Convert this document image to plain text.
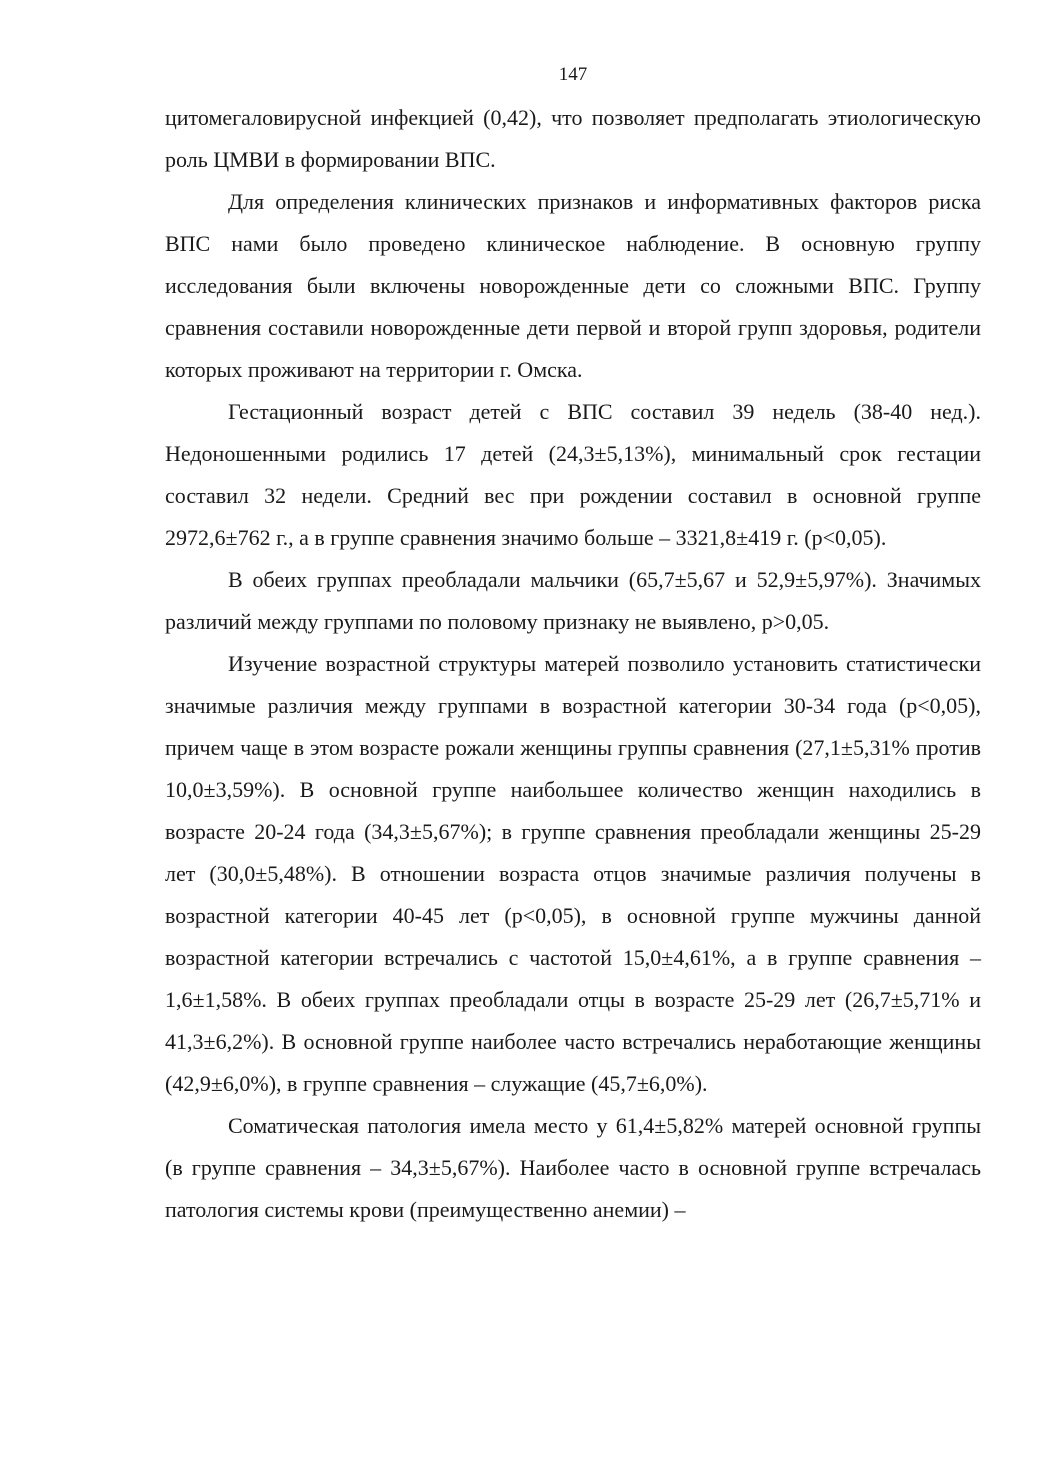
147

цитомегаловирусной инфекцией (0,42), что позволяет предполагать этиологическую роль ЦМВИ в формировании ВПС.

Для определения клинических признаков и информативных факторов риска ВПС нами было проведено клиническое наблюдение. В основную группу исследования были включены новорожденные дети со сложными ВПС. Группу сравнения составили новорожденные дети первой и второй групп здоровья, родители которых проживают на территории г. Омска.

Гестационный возраст детей с ВПС составил 39 недель (38-40 нед.). Недоношенными родились 17 детей (24,3±5,13%), минимальный срок гестации составил 32 недели. Средний вес при рождении составил в основной группе 2972,6±762 г., а в группе сравнения значимо больше – 3321,8±419 г. (p<0,05).

В обеих группах преобладали мальчики (65,7±5,67 и 52,9±5,97%). Значимых различий между группами по половому признаку не выявлено, p>0,05.

Изучение возрастной структуры матерей позволило установить статистически значимые различия между группами в возрастной категории 30-34 года (p<0,05), причем чаще в этом возрасте рожали женщины группы сравнения (27,1±5,31% против 10,0±3,59%). В основной группе наибольшее количество женщин находились в возрасте 20-24 года (34,3±5,67%); в группе сравнения преобладали женщины 25-29 лет (30,0±5,48%). В отношении возраста отцов значимые различия получены в возрастной категории 40-45 лет (p<0,05), в основной группе мужчины данной возрастной категории встречались с частотой 15,0±4,61%, а в группе сравнения – 1,6±1,58%. В обеих группах преобладали отцы в возрасте 25-29 лет (26,7±5,71% и 41,3±6,2%). В основной группе наиболее часто встречались неработающие женщины (42,9±6,0%), в группе сравнения – служащие (45,7±6,0%).

Соматическая патология имела место у 61,4±5,82% матерей основной группы (в группе сравнения – 34,3±5,67%). Наиболее часто в основной группе встречалась патология системы крови (преимущественно анемии) –
